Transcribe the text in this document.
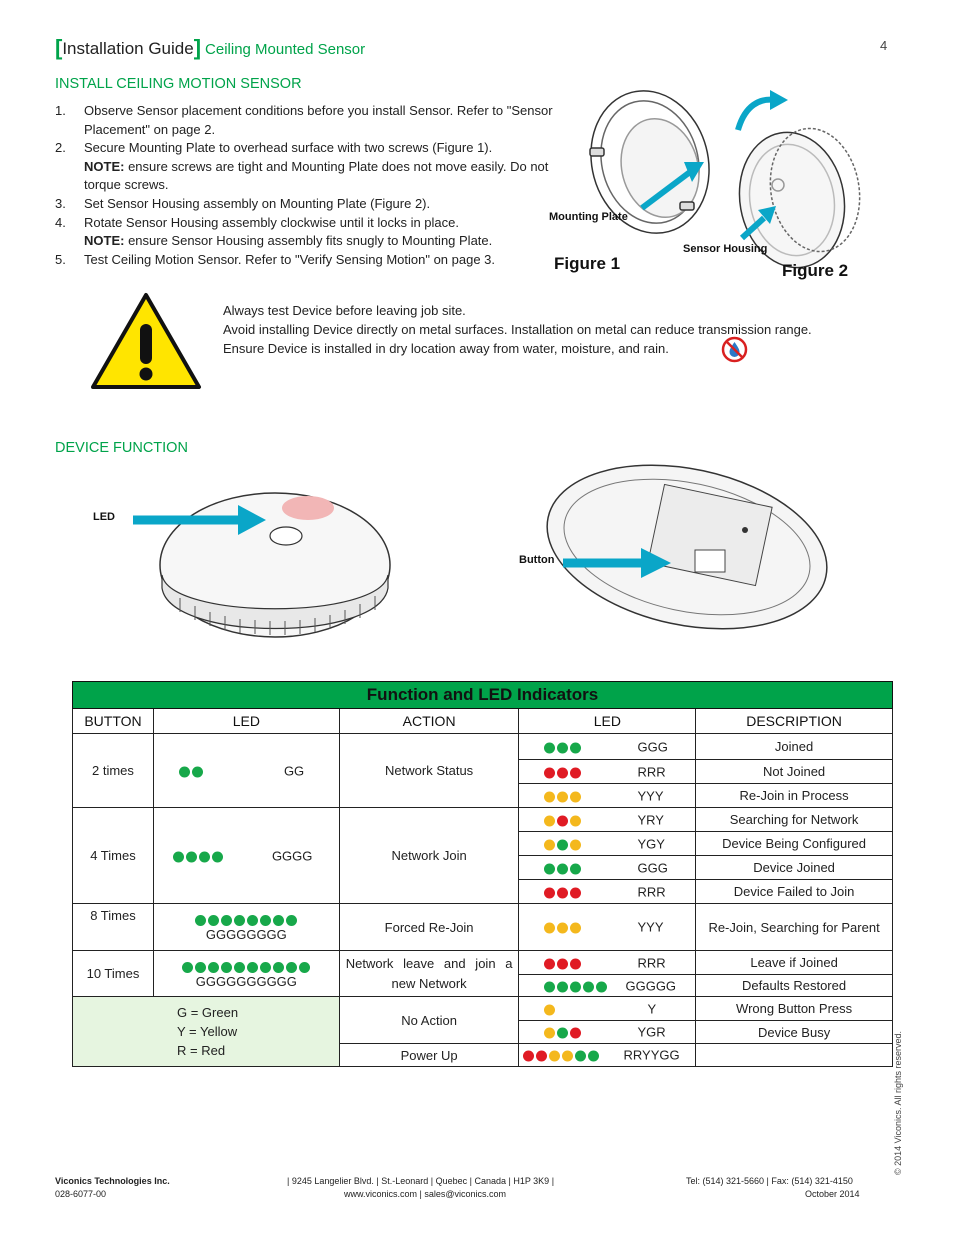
[Installation Guide] Ceiling Mounted Sensor	4
INSTALL CEILING MOTION SENSOR
1.	Observe Sensor placement conditions before you install Sensor. Refer to "Sensor Placement" on page 2.
2.	Secure Mounting Plate to overhead surface with two screws (Figure 1).
NOTE: ensure screws are tight and Mounting Plate does not move easily. Do not torque screws.
3.	Set Sensor Housing assembly on Mounting Plate (Figure 2).
4.	Rotate Sensor Housing assembly clockwise until it locks in place.
NOTE: ensure Sensor Housing assembly fits snugly to Mounting Plate.
5.	Test Ceiling Motion Sensor. Refer to "Verify Sensing Motion" on page 3.
Mounting Plate
Sensor Housing
Figure 1	Figure 2
Always test Device before leaving job site.
Avoid installing Device directly on metal surfaces. Installation on metal can reduce transmission range.
Ensure Device is installed in dry location away from water, moisture, and rain.
DEVICE FUNCTION
LED
Button
Function and LED Indicators				
BUTTON	LED	ACTION	LED	DESCRIPTION
2 times	GG	Network Status	GGG	Joined

			RRR	Not Joined

			YYY	Re-Join in Process
4 Times	GGGG	Network Join	YRY	Searching for Network

			YGY	Device Being Configured

			GGG	Device Joined

			RRR	Device Failed to Join
8 Times	GGGGGGGG	Forced Re-Join	YYY	Re-Join, Searching for Parent
10 Times	GGGGGGGGGG	Network leave and join a new Network	RRR	Leave if Joined

			GGGGG	Defaults Restored

G = Green
Y = Yellow
R = Red		No Action	Y	Wrong Button Press

			YGR	Device Busy
		Power Up	RRYYGG	

Viconics Technologies Inc.
028-6077-00
| 9245 Langelier Blvd. | St.-Leonard | Quebec | Canada | H1P 3K9 |
www.viconics.com | sales@viconics.com
Tel: (514) 321-5660 | Fax: (514) 321-4150
October 2014
© 2014 Viconics. All rights reserved.
